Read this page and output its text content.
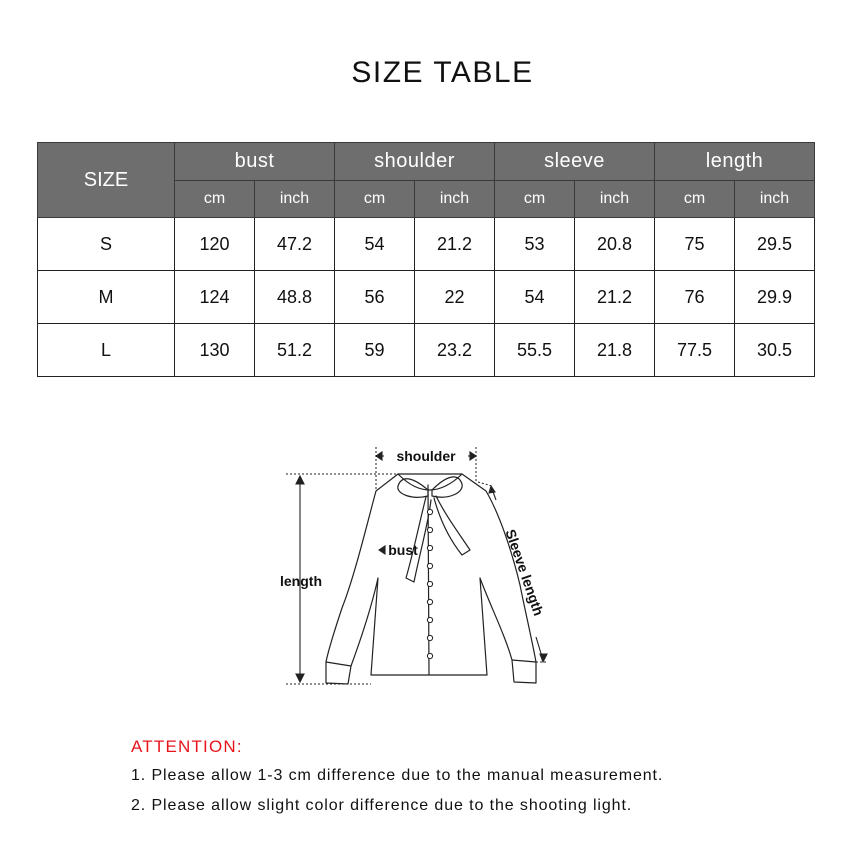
SIZE TABLE
SIZE	bust		shoulder		sleeve		length	
	cm	inch	cm	inch	cm	inch	cm	inch
S	120	47.2	54	21.2	53	20.8	75	29.5
M	124	48.8	56	22	54	21.2	76	29.9
L	130	51.2	59	23.2	55.5	21.8	77.5	30.5
shoulder
bust
length	Sleeve length
ATTENTION:
1. Please allow 1-3 cm difference due to the manual measurement.
2. Please allow slight color difference due to the shooting light.
